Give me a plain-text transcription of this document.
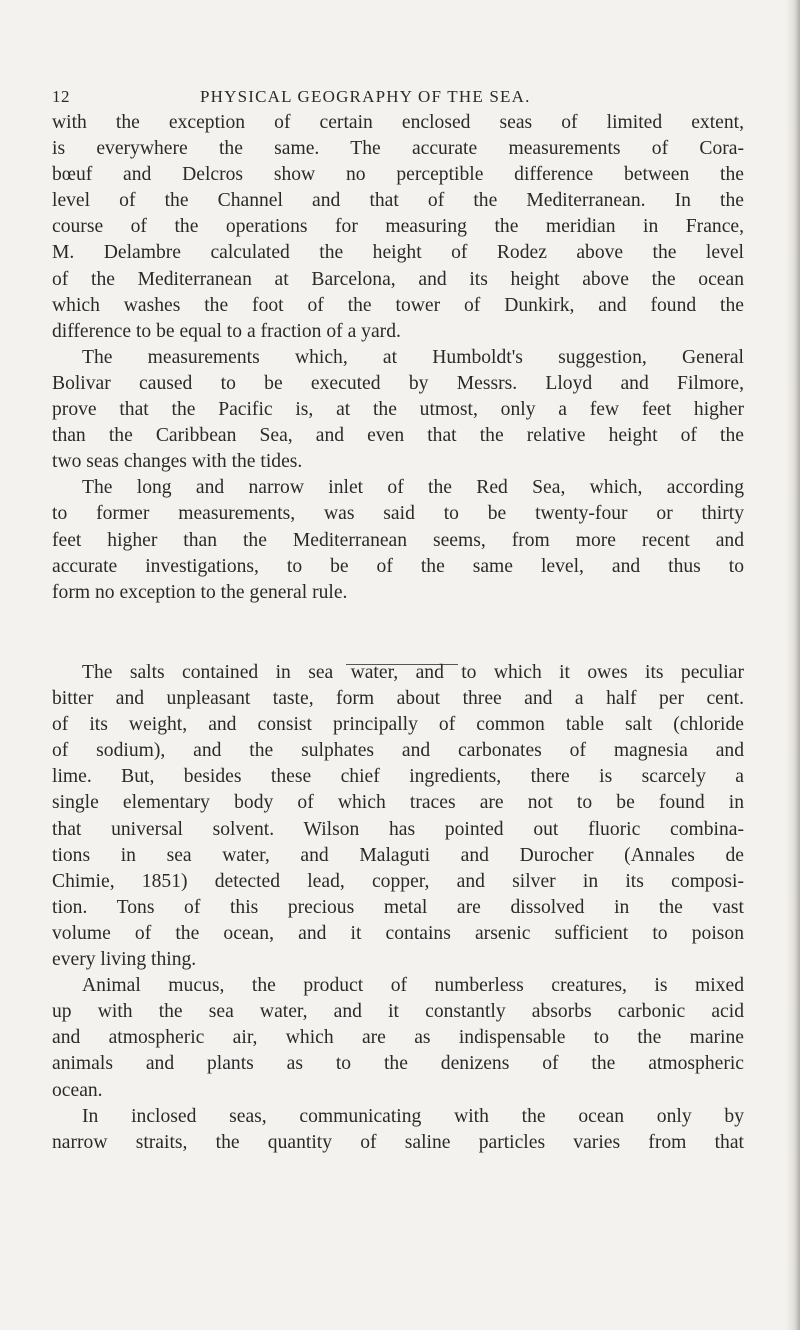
12	PHYSICAL GEOGRAPHY OF THE SEA.

with the exception of certain enclosed seas of limited extent,
is everywhere the same. The accurate measurements of Cora-
bœuf and Delcros show no perceptible difference between the
level of the Channel and that of the Mediterranean. In the
course of the operations for measuring the meridian in France,
M. Delambre calculated the height of Rodez above the level
of the Mediterranean at Barcelona, and its height above the ocean
which washes the foot of the tower of Dunkirk, and found the
difference to be equal to a fraction of a yard.

The measurements which, at Humboldt's suggestion, General
Bolivar caused to be executed by Messrs. Lloyd and Filmore,
prove that the Pacific is, at the utmost, only a few feet higher
than the Caribbean Sea, and even that the relative height of the
two seas changes with the tides.

The long and narrow inlet of the Red Sea, which, according
to former measurements, was said to be twenty-four or thirty
feet higher than the Mediterranean seems, from more recent and
accurate investigations, to be of the same level, and thus to
form no exception to the general rule.

The salts contained in sea water, and to which it owes its peculiar
bitter and unpleasant taste, form about three and a half per cent.
of its weight, and consist principally of common table salt (chloride
of sodium), and the sulphates and carbonates of magnesia and
lime. But, besides these chief ingredients, there is scarcely a
single elementary body of which traces are not to be found in
that universal solvent. Wilson has pointed out fluoric combina-
tions in sea water, and Malaguti and Durocher (Annales de
Chimie, 1851) detected lead, copper, and silver in its composi-
tion. Tons of this precious metal are dissolved in the vast
volume of the ocean, and it contains arsenic sufficient to poison
every living thing.

Animal mucus, the product of numberless creatures, is mixed
up with the sea water, and it constantly absorbs carbonic acid
and atmospheric air, which are as indispensable to the marine
animals and plants as to the denizens of the atmospheric
ocean.

In inclosed seas, communicating with the ocean only by
narrow straits, the quantity of saline particles varies from that
